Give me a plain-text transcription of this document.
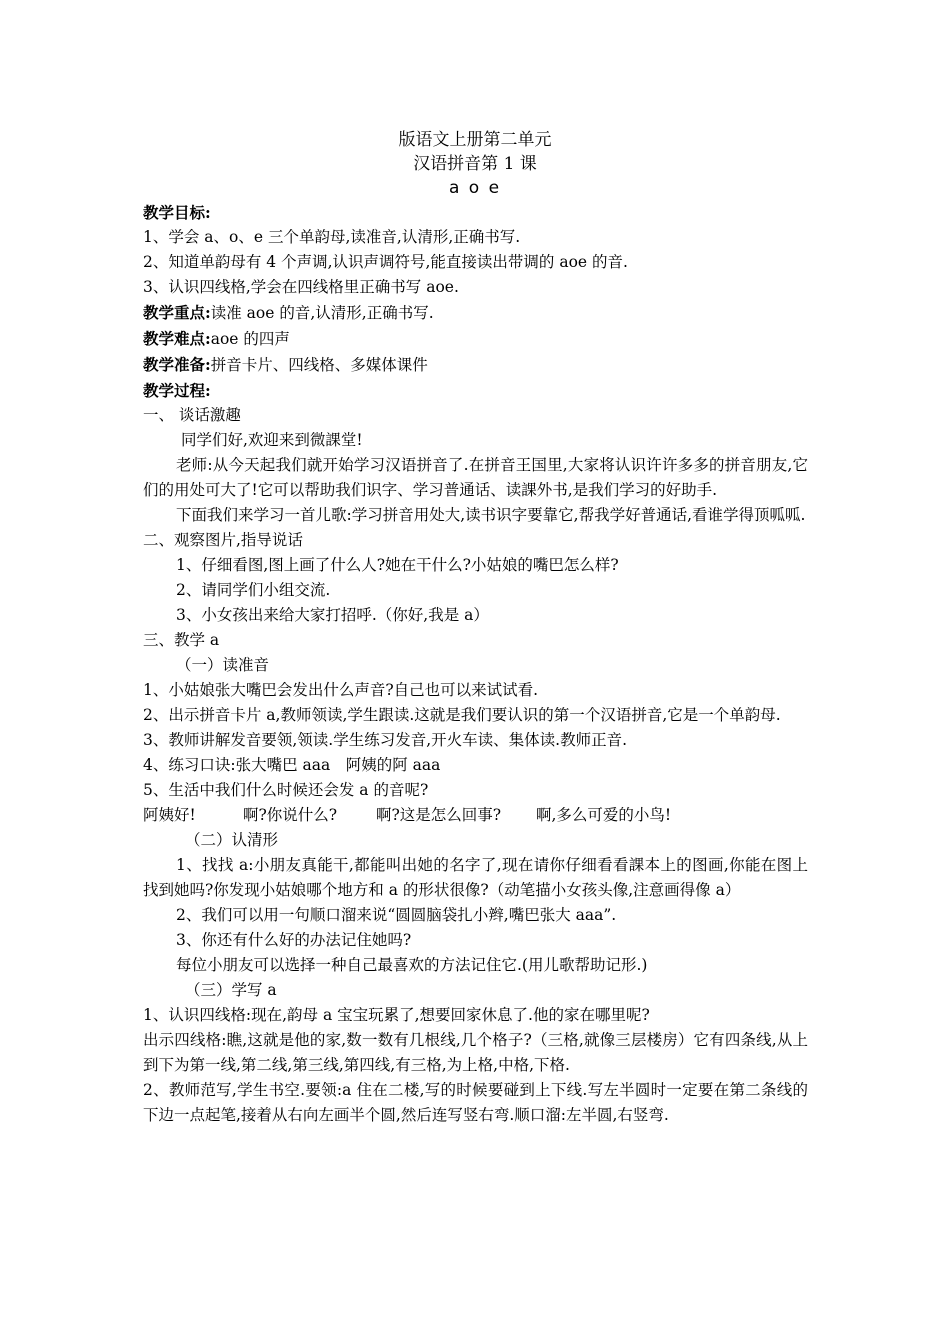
版语文上册第二单元
汉语拼音第 1 课
a o e
教学目标:
1、学会 a、o、e 三个单韵母,读准音,认清形,正确书写.
2、知道单韵母有 4 个声调,认识声调符号,能直接读出带调的 aoe 的音.
3、认识四线格,学会在四线格里正确书写 aoe.
教学重点:读准 aoe 的音,认清形,正确书写.
教学难点:aoe 的四声
教学准备:拼音卡片、四线格、多媒体课件
教学过程:
一、 谈话激趣
同学们好,欢迎来到微課堂!
老师:从今天起我们就开始学习汉语拼音了.在拼音王国里,大家将认识许许多多的拼音朋友,它们的用处可大了!它可以帮助我们识字、学习普通话、读課外书,是我们学习的好助手.
下面我们来学习一首儿歌:学习拼音用处大,读书识字要靠它,帮我学好普通话,看谁学得顶呱呱.
二、观察图片,指导说话
1、仔细看图,图上画了什么人?她在干什么?小姑娘的嘴巴怎么样?
2、请同学们小组交流.
3、小女孩出来给大家打招呼.（你好,我是 a）
三、教学 a
（一）读准音
1、小姑娘张大嘴巴会发出什么声音?自己也可以来试试看.
2、出示拼音卡片 a,教师领读,学生跟读.这就是我们要认识的第一个汉语拼音,它是一个单韵母.
3、教师讲解发音要领,领读.学生练习发音,开火车读、集体读.教师正音.
4、练习口诀:张大嘴巴 aaa　阿姨的阿 aaa
5、生活中我们什么时候还会发 a 的音呢?
阿姨好!	啊?你说什么?	啊?这是怎么回事? 啊,多么可爱的小鸟!
（二）认清形
1、找找 a:小朋友真能干,都能叫出她的名字了,现在请你仔细看看課本上的图画,你能在图上找到她吗?你发现小姑娘哪个地方和 a 的形状很像?（动笔描小女孩头像,注意画得像 a）
2、我们可以用一句顺口溜来说“圆圆脑袋扎小辫,嘴巴张大 aaa”.
3、你还有什么好的办法记住她吗?
每位小朋友可以选择一种自己最喜欢的方法记住它.(用儿歌帮助记形.)
（三）学写 a
1、认识四线格:现在,韵母 a 宝宝玩累了,想要回家休息了.他的家在哪里呢?
出示四线格:瞧,这就是他的家,数一数有几根线,几个格子?（三格,就像三层楼房）它有四条线,从上到下为第一线,第二线,第三线,第四线,有三格,为上格,中格,下格.
2、教师范写,学生书空.要领:a 住在二楼,写的时候要碰到上下线.写左半圆时一定要在第二条线的下边一点起笔,接着从右向左画半个圆,然后连写竖右弯.顺口溜:左半圆,右竖弯.
